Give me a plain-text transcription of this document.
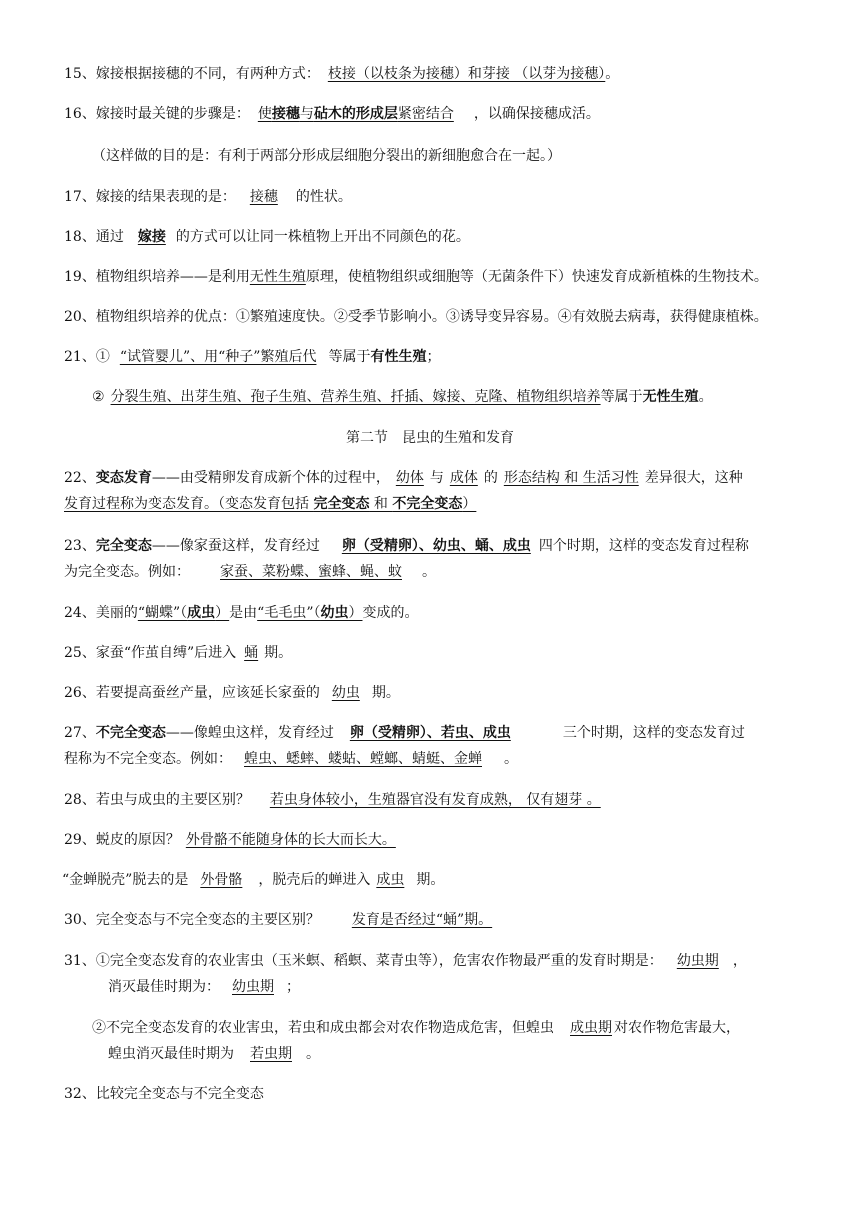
15、嫁接根据接穗的不同，有两种方式： 枝接（以枝条为接穗）和芽接 （以芽为接穗）。
16、嫁接时最关键的步骤是： 使接穗与砧木的形成层紧密结合 ，以确保接穗成活。
（这样做的目的是：有利于两部分形成层细胞分裂出的新细胞愈合在一起。）
17、嫁接的结果表现的是： 接穗 的性状。
18、通过 嫁接 的方式可以让同一株植物上开出不同颜色的花。
19、植物组织培养——是利用无性生殖原理，使植物组织或细胞等（无菌条件下）快速发育成新植株的生物技术。
20、植物组织培养的优点：①繁殖速度快。②受季节影响小。③诱导变异容易。④有效脱去病毒，获得健康植株。
21、① “试管婴儿”、用“种子”繁殖后代 等属于有性生殖；
② 分裂生殖、出芽生殖、孢子生殖、营养生殖、扦插、嫁接、克隆、植物组织培养等属于无性生殖。
第二节　昆虫的生殖和发育
22、变态发育——由受精卵发育成新个体的过程中， 幼体 与 成体 的 形态结构 和 生活习性 差异很大，这种
发育过程称为变态发育。（变态发育包括 完全变态 和 不完全变态）
23、完全变态——像家蚕这样，发育经过 卵（受精卵）、幼虫、蛹、成虫 四个时期，这样的变态发育过程称
为完全变态。例如： 家蚕、菜粉蝶、蜜蜂、蝇、蚊 。
24、美丽的“蝴蝶”（成虫）是由“毛毛虫”（幼虫）变成的。
25、家蚕“作茧自缚”后进入 蛹 期。
26、若要提高蚕丝产量，应该延长家蚕的 幼虫 期。
27、不完全变态——像蝗虫这样，发育经过 卵（受精卵）、若虫、成虫	三个时期，这样的变态发育过
程称为不完全变态。例如： 蝗虫、蟋蟀、蝼蛄、螳螂、蜻蜓、金蝉 。
28、若虫与成虫的主要区别？ 若虫身体较小，生殖器官没有发育成熟， 仅有翅芽 。
29、蜕皮的原因？ 外骨骼不能随身体的长大而长大。
“金蝉脱壳”脱去的是 外骨骼 ，脱壳后的蝉进入 成虫 期。
30、完全变态与不完全变态的主要区别？ 发育是否经过“蛹”期。
31、①完全变态发育的农业害虫（玉米螟、稻螟、菜青虫等），危害农作物最严重的发育时期是： 幼虫期 ，
消灭最佳时期为： 幼虫期 ；
②不完全变态发育的农业害虫，若虫和成虫都会对农作物造成危害，但蝗虫 成虫期 对农作物危害最大，
蝗虫消灭最佳时期为 若虫期 。
32、比较完全变态与不完全变态
